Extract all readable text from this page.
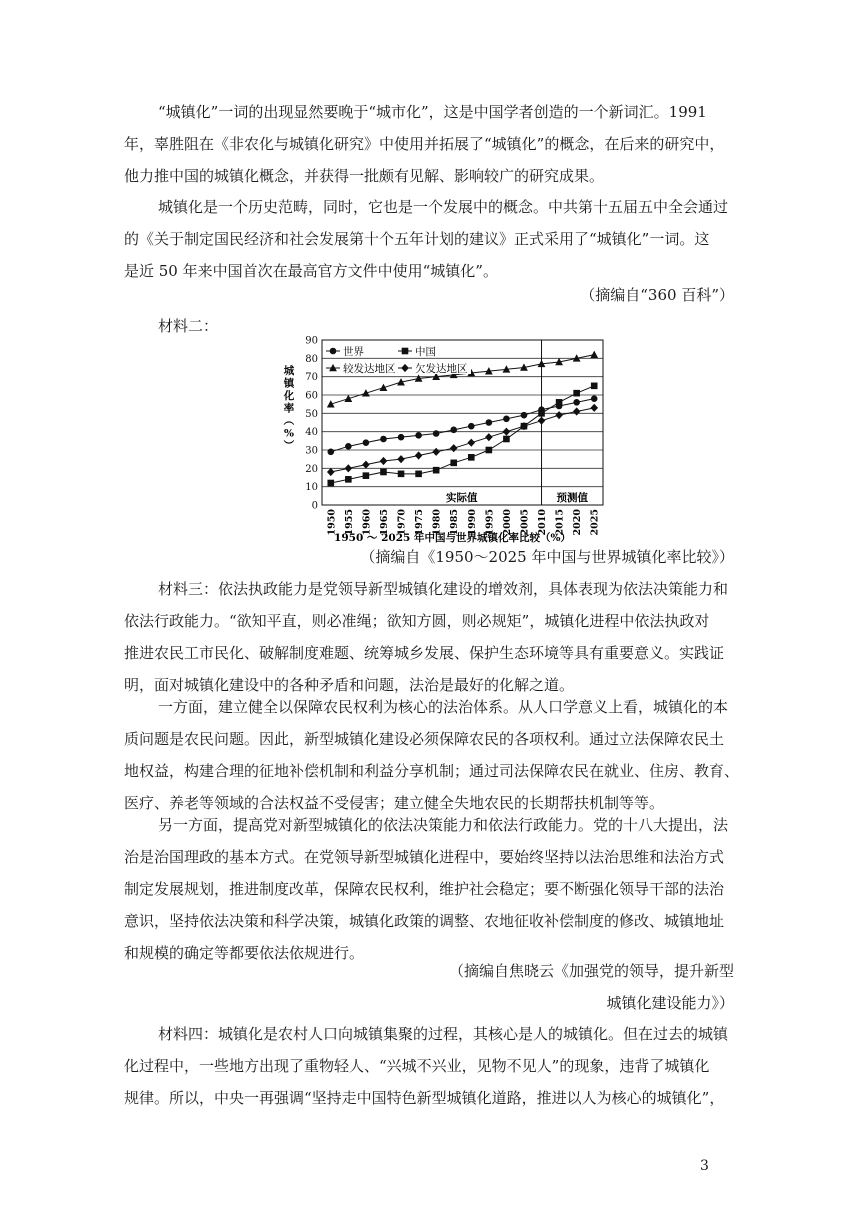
“城镇化”一词的出现显然要晚于“城市化”，这是中国学者创造的一个新词汇。1991
年，辜胜阻在《非农化与城镇化研究》中使用并拓展了“城镇化”的概念，在后来的研究中，
他力推中国的城镇化概念，并获得一批颇有见解、影响较广的研究成果。

城镇化是一个历史范畴，同时，它也是一个发展中的概念。中共第十五届五中全会通过
的《关于制定国民经济和社会发展第十个五年计划的建议》正式采用了“城镇化”一词。这
是近 50 年来中国首次在最高官方文件中使用“城镇化”。

（摘编自“360 百科”）
材料二：
0
10
20
30
40
50
60
70
80
90
1950 1955 1960 1965 1970 1975 1980 1985 1990 1995 2000 2005 2010 2015 2020 2025
世界	中国
较发达地区 欠发达地区
实际值	预测值
城
镇
化
率
（
%
）
1950 ～ 2025 年中国与世界城镇化率比较（%）
（摘编自《1950～2025 年中国与世界城镇化率比较》）

材料三：依法执政能力是党领导新型城镇化建设的增效剂，具体表现为依法决策能力和
依法行政能力。“欲知平直，则必准绳；欲知方圆，则必规矩”，城镇化进程中依法执政对
推进农民工市民化、破解制度难题、统筹城乡发展、保护生态环境等具有重要意义。实践证
明，面对城镇化建设中的各种矛盾和问题，法治是最好的化解之道。

一方面，建立健全以保障农民权利为核心的法治体系。从人口学意义上看，城镇化的本
质问题是农民问题。因此，新型城镇化建设必须保障农民的各项权利。通过立法保障农民土
地权益，构建合理的征地补偿机制和利益分享机制；通过司法保障农民在就业、住房、教育、
医疗、养老等领域的合法权益不受侵害；建立健全失地农民的长期帮扶机制等等。

另一方面，提高党对新型城镇化的依法决策能力和依法行政能力。党的十八大提出，法
治是治国理政的基本方式。在党领导新型城镇化进程中，要始终坚持以法治思维和法治方式
制定发展规划，推进制度改革，保障农民权利，维护社会稳定；要不断强化领导干部的法治
意识，坚持依法决策和科学决策，城镇化政策的调整、农地征收补偿制度的修改、城镇地址
和规模的确定等都要依法依规进行。

（摘编自焦晓云《加强党的领导，提升新型
城镇化建设能力》）

材料四：城镇化是农村人口向城镇集聚的过程，其核心是人的城镇化。但在过去的城镇
化过程中，一些地方出现了重物轻人、“兴城不兴业，见物不见人”的现象，违背了城镇化
规律。所以，中央一再强调“坚持走中国特色新型城镇化道路，推进以人为核心的城镇化”，

3
